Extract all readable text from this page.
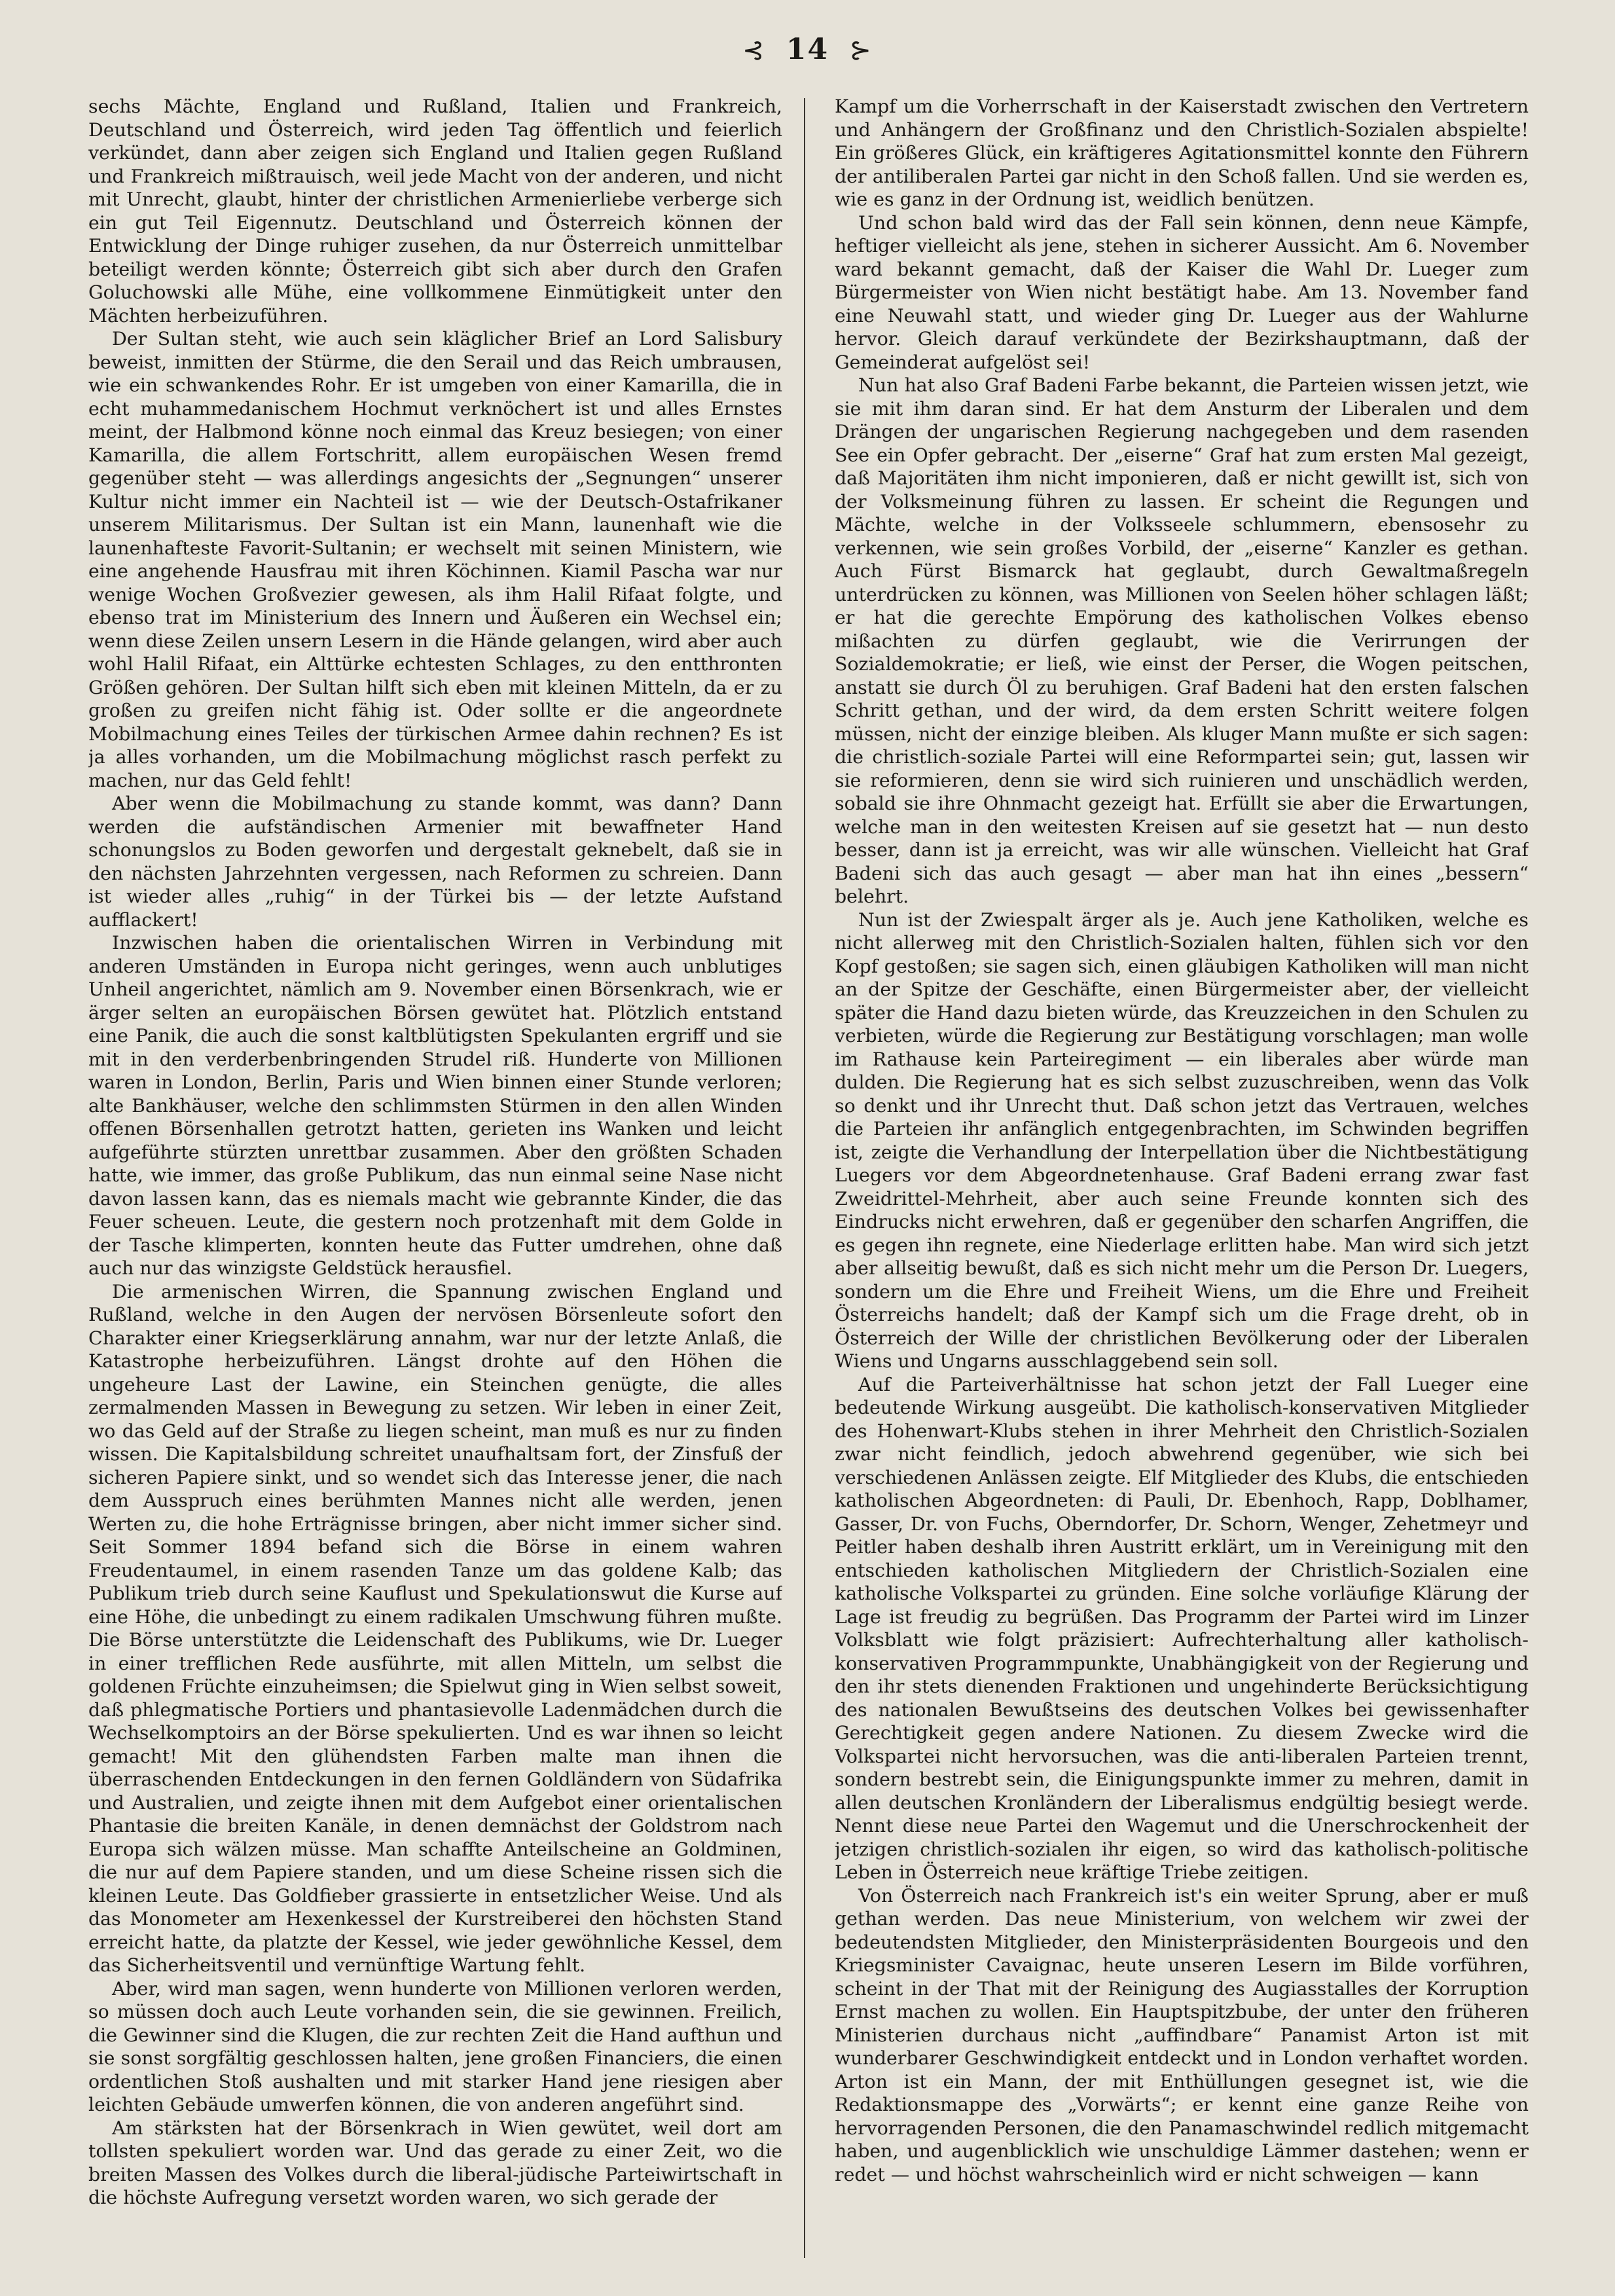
⊰ 14 ⊱

sechs Mächte, England und Rußland, Italien und Frankreich, Deutschland und Österreich, wird jeden Tag öffentlich und feierlich verkündet, dann aber zeigen sich England und Italien gegen Rußland und Frankreich mißtrauisch, weil jede Macht von der anderen, und nicht mit Unrecht, glaubt, hinter der christlichen Armenierliebe verberge sich ein gut Teil Eigennutz. Deutschland und Österreich können der Entwicklung der Dinge ruhiger zusehen, da nur Österreich unmittelbar beteiligt werden könnte; Österreich gibt sich aber durch den Grafen Goluchowski alle Mühe, eine vollkommene Einmütigkeit unter den Mächten herbeizuführen.

Der Sultan steht, wie auch sein kläglicher Brief an Lord Salisbury beweist, inmitten der Stürme, die den Serail und das Reich umbrausen, wie ein schwankendes Rohr. Er ist umgeben von einer Kamarilla, die in echt muhammedanischem Hochmut verknöchert ist und alles Ernstes meint, der Halbmond könne noch einmal das Kreuz besiegen; von einer Kamarilla, die allem Fortschritt, allem europäischen Wesen fremd gegenüber steht — was allerdings angesichts der „Segnungen“ unserer Kultur nicht immer ein Nachteil ist — wie der Deutsch-Ostafrikaner unserem Militarismus. Der Sultan ist ein Mann, launenhaft wie die launenhafteste Favorit-Sultanin; er wechselt mit seinen Ministern, wie eine angehende Hausfrau mit ihren Köchinnen. Kiamil Pascha war nur wenige Wochen Großvezier gewesen, als ihm Halil Rifaat folgte, und ebenso trat im Ministerium des Innern und Äußeren ein Wechsel ein; wenn diese Zeilen unsern Lesern in die Hände gelangen, wird aber auch wohl Halil Rifaat, ein Alttürke echtesten Schlages, zu den entthronten Größen gehören. Der Sultan hilft sich eben mit kleinen Mitteln, da er zu großen zu greifen nicht fähig ist. Oder sollte er die angeordnete Mobilmachung eines Teiles der türkischen Armee dahin rechnen? Es ist ja alles vorhanden, um die Mobilmachung möglichst rasch perfekt zu machen, nur das Geld fehlt!

Aber wenn die Mobilmachung zu stande kommt, was dann? Dann werden die aufständischen Armenier mit bewaffneter Hand schonungslos zu Boden geworfen und dergestalt geknebelt, daß sie in den nächsten Jahrzehnten vergessen, nach Reformen zu schreien. Dann ist wieder alles „ruhig“ in der Türkei bis — der letzte Aufstand aufflackert!

Inzwischen haben die orientalischen Wirren in Verbindung mit anderen Umständen in Europa nicht geringes, wenn auch unblutiges Unheil angerichtet, nämlich am 9. November einen Börsenkrach, wie er ärger selten an europäischen Börsen gewütet hat. Plötzlich entstand eine Panik, die auch die sonst kaltblütigsten Spekulanten ergriff und sie mit in den verderbenbringenden Strudel riß. Hunderte von Millionen waren in London, Berlin, Paris und Wien binnen einer Stunde verloren; alte Bankhäuser, welche den schlimmsten Stürmen in den allen Winden offenen Börsenhallen getrotzt hatten, gerieten ins Wanken und leicht aufgeführte stürzten unrettbar zusammen. Aber den größten Schaden hatte, wie immer, das große Publikum, das nun einmal seine Nase nicht davon lassen kann, das es niemals macht wie gebrannte Kinder, die das Feuer scheuen. Leute, die gestern noch protzenhaft mit dem Golde in der Tasche klimperten, konnten heute das Futter umdrehen, ohne daß auch nur das winzigste Geldstück herausfiel.

Die armenischen Wirren, die Spannung zwischen England und Rußland, welche in den Augen der nervösen Börsenleute sofort den Charakter einer Kriegserklärung annahm, war nur der letzte Anlaß, die Katastrophe herbeizuführen. Längst drohte auf den Höhen die ungeheure Last der Lawine, ein Steinchen genügte, die alles zermalmenden Massen in Bewegung zu setzen. Wir leben in einer Zeit, wo das Geld auf der Straße zu liegen scheint, man muß es nur zu finden wissen. Die Kapitalsbildung schreitet unaufhaltsam fort, der Zinsfuß der sicheren Papiere sinkt, und so wendet sich das Interesse jener, die nach dem Ausspruch eines berühmten Mannes nicht alle werden, jenen Werten zu, die hohe Erträgnisse bringen, aber nicht immer sicher sind. Seit Sommer 1894 befand sich die Börse in einem wahren Freudentaumel, in einem rasenden Tanze um das goldene Kalb; das Publikum trieb durch seine Kauflust und Spekulationswut die Kurse auf eine Höhe, die unbedingt zu einem radikalen Umschwung führen mußte. Die Börse unterstützte die Leidenschaft des Publikums, wie Dr. Lueger in einer trefflichen Rede ausführte, mit allen Mitteln, um selbst die goldenen Früchte einzuheimsen; die Spielwut ging in Wien selbst soweit, daß phlegmatische Portiers und phantasievolle Ladenmädchen durch die Wechselkomptoirs an der Börse spekulierten. Und es war ihnen so leicht gemacht! Mit den glühendsten Farben malte man ihnen die überraschenden Entdeckungen in den fernen Goldländern von Südafrika und Australien, und zeigte ihnen mit dem Aufgebot einer orientalischen Phantasie die breiten Kanäle, in denen demnächst der Goldstrom nach Europa sich wälzen müsse. Man schaffte Anteilscheine an Goldminen, die nur auf dem Papiere standen, und um diese Scheine rissen sich die kleinen Leute. Das Goldfieber grassierte in entsetzlicher Weise. Und als das Monometer am Hexenkessel der Kurstreiberei den höchsten Stand erreicht hatte, da platzte der Kessel, wie jeder gewöhnliche Kessel, dem das Sicherheitsventil und vernünftige Wartung fehlt.

Aber, wird man sagen, wenn hunderte von Millionen verloren werden, so müssen doch auch Leute vorhanden sein, die sie gewinnen. Freilich, die Gewinner sind die Klugen, die zur rechten Zeit die Hand aufthun und sie sonst sorgfältig geschlossen halten, jene großen Financiers, die einen ordentlichen Stoß aushalten und mit starker Hand jene riesigen aber leichten Gebäude umwerfen können, die von anderen angeführt sind.

Am stärksten hat der Börsenkrach in Wien gewütet, weil dort am tollsten spekuliert worden war. Und das gerade zu einer Zeit, wo die breiten Massen des Volkes durch die liberal-jüdische Parteiwirtschaft in die höchste Aufregung versetzt worden waren, wo sich gerade der

Kampf um die Vorherrschaft in der Kaiserstadt zwischen den Vertretern und Anhängern der Großfinanz und den Christlich-Sozialen abspielte! Ein größeres Glück, ein kräftigeres Agitationsmittel konnte den Führern der antiliberalen Partei gar nicht in den Schoß fallen. Und sie werden es, wie es ganz in der Ordnung ist, weidlich benützen.

Und schon bald wird das der Fall sein können, denn neue Kämpfe, heftiger vielleicht als jene, stehen in sicherer Aussicht. Am 6. November ward bekannt gemacht, daß der Kaiser die Wahl Dr. Lueger zum Bürgermeister von Wien nicht bestätigt habe. Am 13. November fand eine Neuwahl statt, und wieder ging Dr. Lueger aus der Wahlurne hervor. Gleich darauf verkündete der Bezirkshauptmann, daß der Gemeinderat aufgelöst sei!

Nun hat also Graf Badeni Farbe bekannt, die Parteien wissen jetzt, wie sie mit ihm daran sind. Er hat dem Ansturm der Liberalen und dem Drängen der ungarischen Regierung nachgegeben und dem rasenden See ein Opfer gebracht. Der „eiserne“ Graf hat zum ersten Mal gezeigt, daß Majoritäten ihm nicht imponieren, daß er nicht gewillt ist, sich von der Volksmeinung führen zu lassen. Er scheint die Regungen und Mächte, welche in der Volksseele schlummern, ebensosehr zu verkennen, wie sein großes Vorbild, der „eiserne“ Kanzler es gethan. Auch Fürst Bismarck hat geglaubt, durch Gewaltmaßregeln unterdrücken zu können, was Millionen von Seelen höher schlagen läßt; er hat die gerechte Empörung des katholischen Volkes ebenso mißachten zu dürfen geglaubt, wie die Verirrungen der Sozialdemokratie; er ließ, wie einst der Perser, die Wogen peitschen, anstatt sie durch Öl zu beruhigen. Graf Badeni hat den ersten falschen Schritt gethan, und der wird, da dem ersten Schritt weitere folgen müssen, nicht der einzige bleiben. Als kluger Mann mußte er sich sagen: die christlich-soziale Partei will eine Reformpartei sein; gut, lassen wir sie reformieren, denn sie wird sich ruinieren und unschädlich werden, sobald sie ihre Ohnmacht gezeigt hat. Erfüllt sie aber die Erwartungen, welche man in den weitesten Kreisen auf sie gesetzt hat — nun desto besser, dann ist ja erreicht, was wir alle wünschen. Vielleicht hat Graf Badeni sich das auch gesagt — aber man hat ihn eines „bessern“ belehrt.

Nun ist der Zwiespalt ärger als je. Auch jene Katholiken, welche es nicht allerweg mit den Christlich-Sozialen halten, fühlen sich vor den Kopf gestoßen; sie sagen sich, einen gläubigen Katholiken will man nicht an der Spitze der Geschäfte, einen Bürgermeister aber, der vielleicht später die Hand dazu bieten würde, das Kreuzzeichen in den Schulen zu verbieten, würde die Regierung zur Bestätigung vorschlagen; man wolle im Rathause kein Parteiregiment — ein liberales aber würde man dulden. Die Regierung hat es sich selbst zuzuschreiben, wenn das Volk so denkt und ihr Unrecht thut. Daß schon jetzt das Vertrauen, welches die Parteien ihr anfänglich entgegenbrachten, im Schwinden begriffen ist, zeigte die Verhandlung der Interpellation über die Nichtbestätigung Luegers vor dem Abgeordnetenhause. Graf Badeni errang zwar fast Zweidrittel-Mehrheit, aber auch seine Freunde konnten sich des Eindrucks nicht erwehren, daß er gegenüber den scharfen Angriffen, die es gegen ihn regnete, eine Niederlage erlitten habe. Man wird sich jetzt aber allseitig bewußt, daß es sich nicht mehr um die Person Dr. Luegers, sondern um die Ehre und Freiheit Wiens, um die Ehre und Freiheit Österreichs handelt; daß der Kampf sich um die Frage dreht, ob in Österreich der Wille der christlichen Bevölkerung oder der Liberalen Wiens und Ungarns ausschlaggebend sein soll.

Auf die Parteiverhältnisse hat schon jetzt der Fall Lueger eine bedeutende Wirkung ausgeübt. Die katholisch-konservativen Mitglieder des Hohenwart-Klubs stehen in ihrer Mehrheit den Christlich-Sozialen zwar nicht feindlich, jedoch abwehrend gegenüber, wie sich bei verschiedenen Anlässen zeigte. Elf Mitglieder des Klubs, die entschieden katholischen Abgeordneten: di Pauli, Dr. Ebenhoch, Rapp, Doblhamer, Gasser, Dr. von Fuchs, Oberndorfer, Dr. Schorn, Wenger, Zehetmeyr und Peitler haben deshalb ihren Austritt erklärt, um in Vereinigung mit den entschieden katholischen Mitgliedern der Christlich-Sozialen eine katholische Volkspartei zu gründen. Eine solche vorläufige Klärung der Lage ist freudig zu begrüßen. Das Programm der Partei wird im Linzer Volksblatt wie folgt präzisiert: Aufrechterhaltung aller katholisch-konservativen Programmpunkte, Unabhängigkeit von der Regierung und den ihr stets dienenden Fraktionen und ungehinderte Berücksichtigung des nationalen Bewußtseins des deutschen Volkes bei gewissenhafter Gerechtigkeit gegen andere Nationen. Zu diesem Zwecke wird die Volkspartei nicht hervorsuchen, was die anti-liberalen Parteien trennt, sondern bestrebt sein, die Einigungspunkte immer zu mehren, damit in allen deutschen Kronländern der Liberalismus endgültig besiegt werde. Nennt diese neue Partei den Wagemut und die Unerschrockenheit der jetzigen christlich-sozialen ihr eigen, so wird das katholisch-politische Leben in Österreich neue kräftige Triebe zeitigen.

Von Österreich nach Frankreich ist's ein weiter Sprung, aber er muß gethan werden. Das neue Ministerium, von welchem wir zwei der bedeutendsten Mitglieder, den Ministerpräsidenten Bourgeois und den Kriegsminister Cavaignac, heute unseren Lesern im Bilde vorführen, scheint in der That mit der Reinigung des Augiasstalles der Korruption Ernst machen zu wollen. Ein Hauptspitzbube, der unter den früheren Ministerien durchaus nicht „auffindbare“ Panamist Arton ist mit wunderbarer Geschwindigkeit entdeckt und in London verhaftet worden. Arton ist ein Mann, der mit Enthüllungen gesegnet ist, wie die Redaktionsmappe des „Vorwärts“; er kennt eine ganze Reihe von hervorragenden Personen, die den Panamaschwindel redlich mitgemacht haben, und augenblicklich wie unschuldige Lämmer dastehen; wenn er redet — und höchst wahrscheinlich wird er nicht schweigen — kann
